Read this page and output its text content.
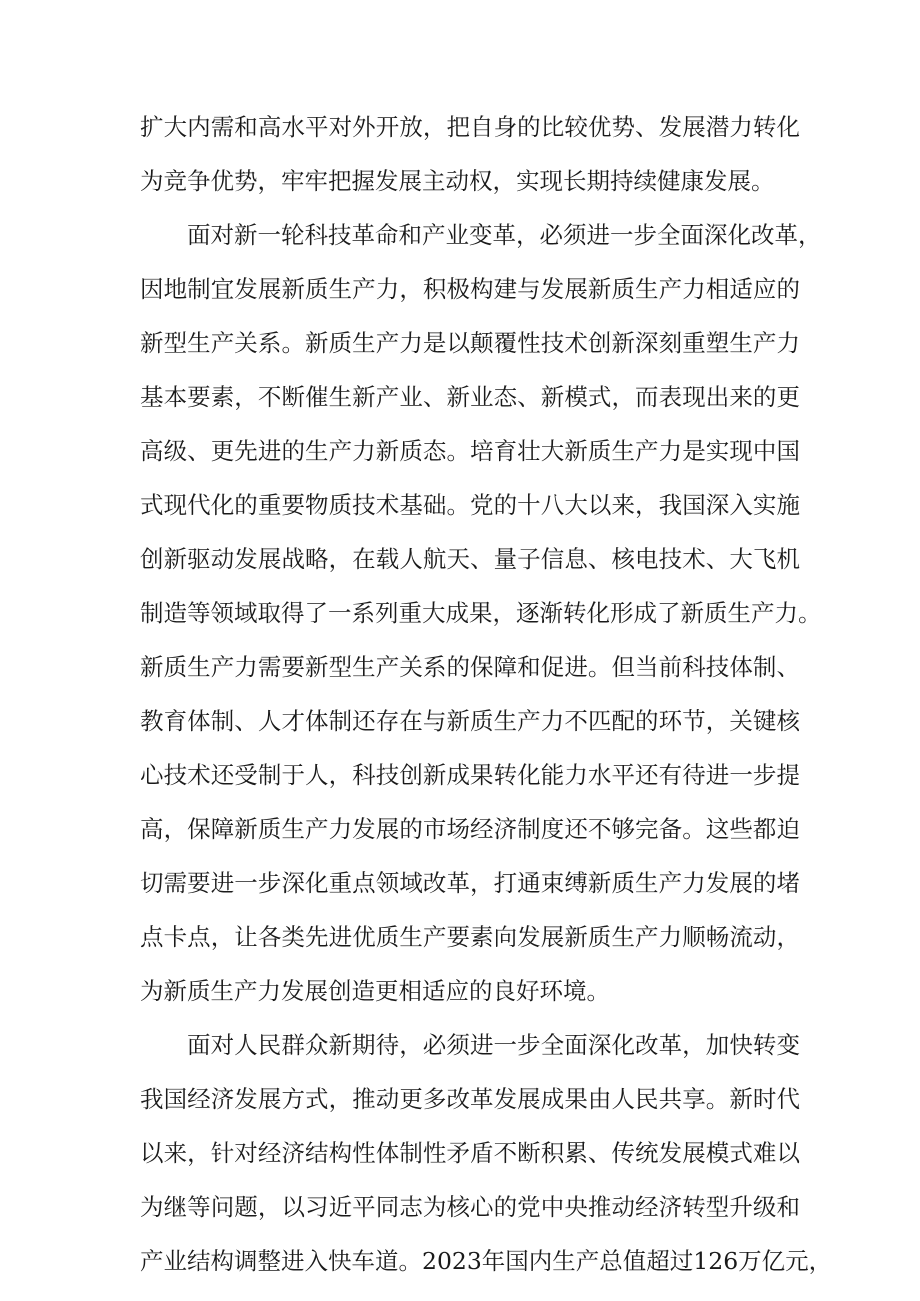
扩大内需和高水平对外开放，把自身的比较优势、发展潜力转化
为竞争优势，牢牢把握发展主动权，实现长期持续健康发展。
面对新一轮科技革命和产业变革，必须进一步全面深化改革，
因地制宜发展新质生产力，积极构建与发展新质生产力相适应的
新型生产关系。新质生产力是以颠覆性技术创新深刻重塑生产力
基本要素，不断催生新产业、新业态、新模式，而表现出来的更
高级、更先进的生产力新质态。培育壮大新质生产力是实现中国
式现代化的重要物质技术基础。党的十八大以来，我国深入实施
创新驱动发展战略，在载人航天、量子信息、核电技术、大飞机
制造等领域取得了一系列重大成果，逐渐转化形成了新质生产力。
新质生产力需要新型生产关系的保障和促进。但当前科技体制、
教育体制、人才体制还存在与新质生产力不匹配的环节，关键核
心技术还受制于人，科技创新成果转化能力水平还有待进一步提
高，保障新质生产力发展的市场经济制度还不够完备。这些都迫
切需要进一步深化重点领域改革，打通束缚新质生产力发展的堵
点卡点，让各类先进优质生产要素向发展新质生产力顺畅流动，
为新质生产力发展创造更相适应的良好环境。
面对人民群众新期待，必须进一步全面深化改革，加快转变
我国经济发展方式，推动更多改革发展成果由人民共享。新时代
以来，针对经济结构性体制性矛盾不断积累、传统发展模式难以
为继等问题，以习近平同志为核心的党中央推动经济转型升级和
产业结构调整进入快车道。2023年国内生产总值超过126万亿元，
